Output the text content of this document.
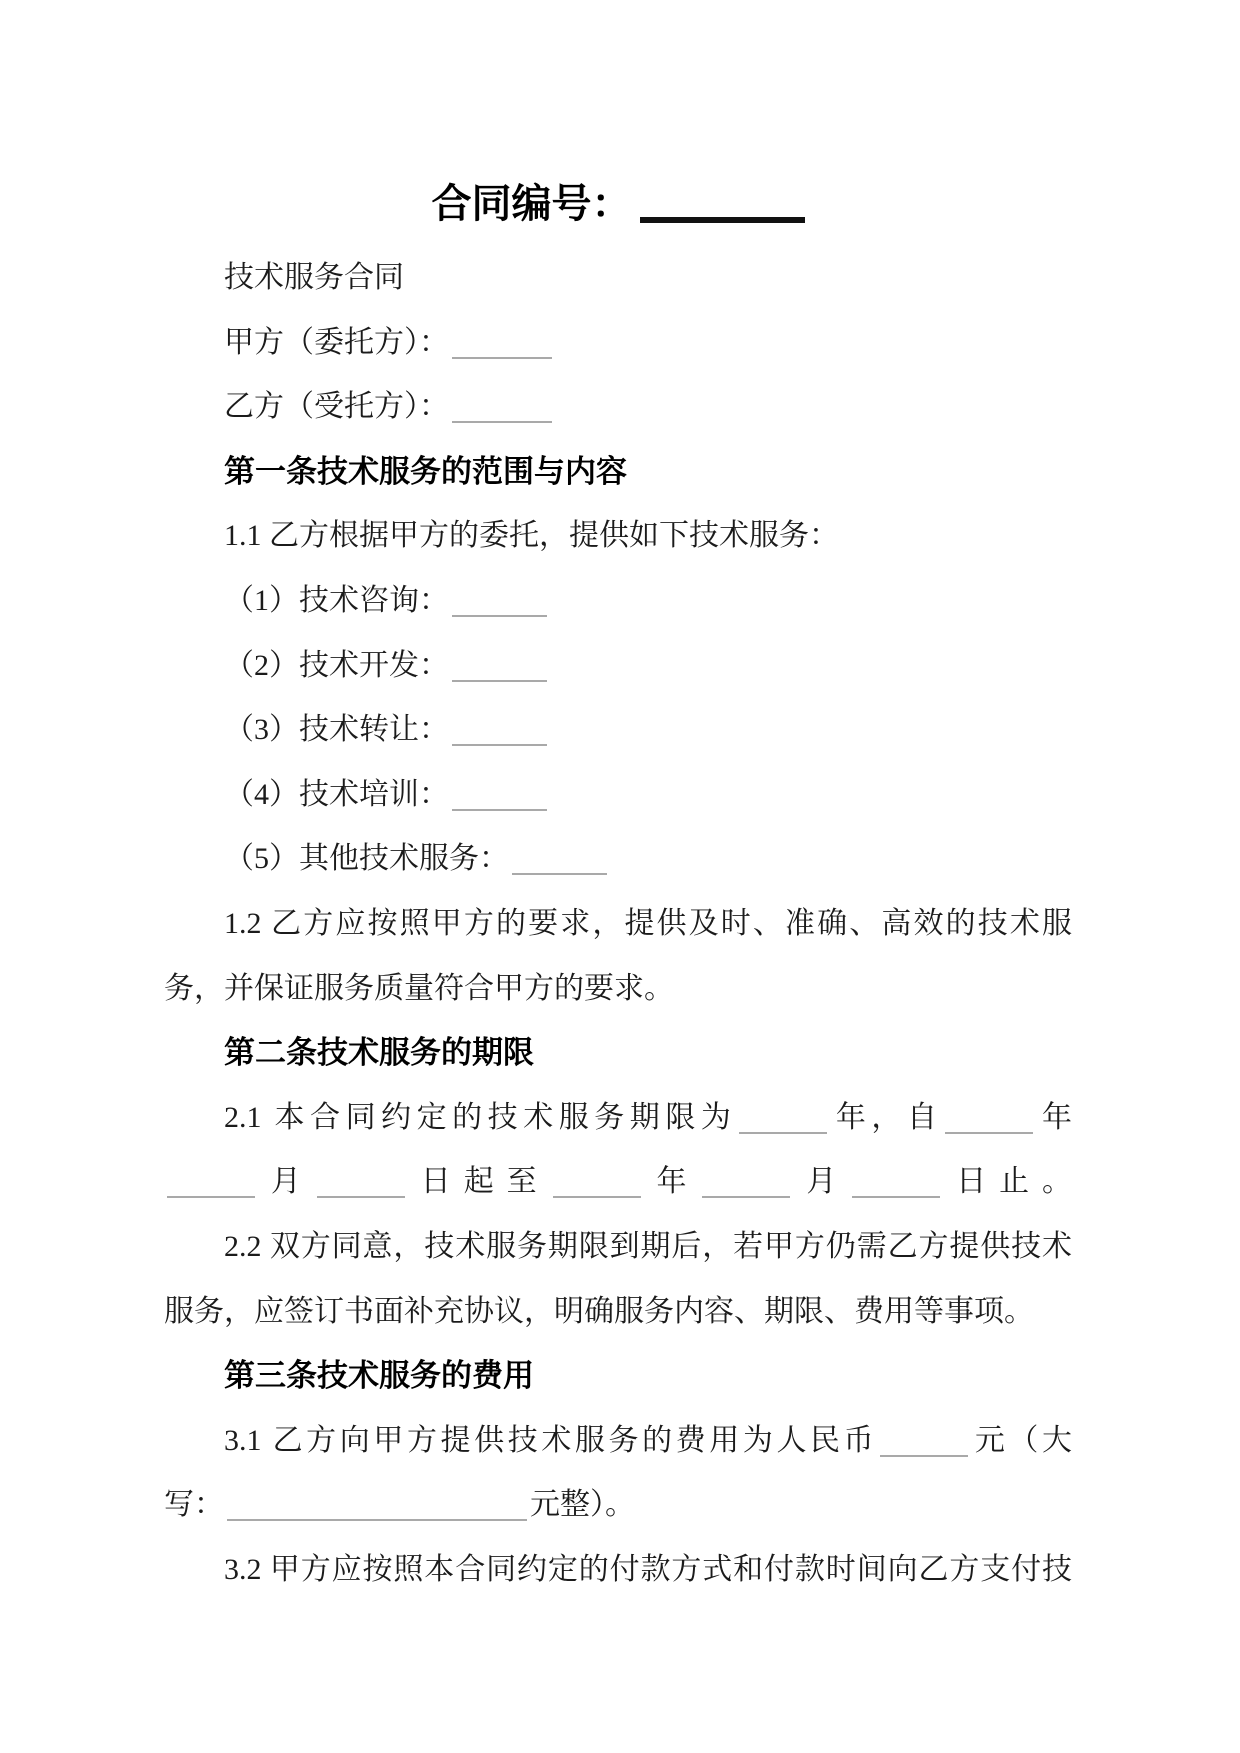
合同编号：
技术服务合同
甲方（委托方）：
乙方（受托方）：
第一条技术服务的范围与内容
1.1 乙方根据甲方的委托，提供如下技术服务：
（1）技术咨询：
（2）技术开发：
（3）技术转让：
（4）技术培训：
（5）其他技术服务：
1.2 乙方应按照甲方的要求，提供及时、准确、高效的技术服
务，并保证服务质量符合甲方的要求。
第二条技术服务的期限
2.1 本合同约定的技术服务期限为	年，自	年
月	日起至	年	月	日止。
2.2 双方同意，技术服务期限到期后，若甲方仍需乙方提供技术
服务，应签订书面补充协议，明确服务内容、期限、费用等事项。
第三条技术服务的费用
3.1 乙方向甲方提供技术服务的费用为人民币	元（大
写：	元整）。
3.2 甲方应按照本合同约定的付款方式和付款时间向乙方支付技
